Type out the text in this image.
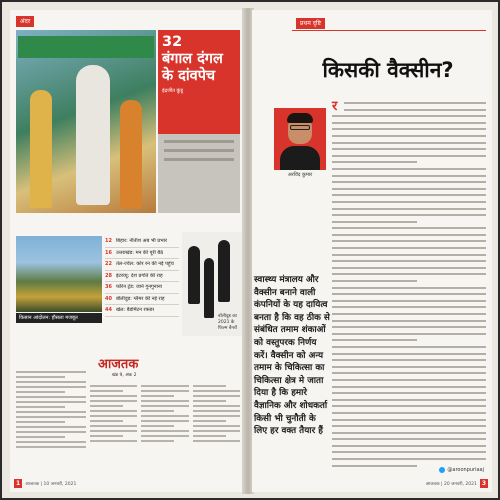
अंदर
32
बंगाल दंगल के दांवपेच
इंद्रजीत कुंडू
किसान आंदोलन: हौसला मजबूत
12 बिहार: नीतीश अब भी प्रभार
16 उत्तराखंड: मन की पूरी बैठें
22 तेल-ज्वेल: कोर रन की नई पहुंच
28 इंटरव्यू: देश प्रगति की राह
36 फॉरेन ट्रेंड: जाने गुनगुनाना
40 बॉलीवुड: ग्लैमर की नई राह
44 खेल: बैडमिंटन रफ्तार
बॉलीवुड का 2021 के फिल्म बैनरों
आजतक
खंड 9, अंक 2
1	आजतक | 10 जनवरी, 2021
प्रथम दृष्टि
किसकी वैक्सीन?
अरविंद कुमार
र
स्वास्थ्य मंत्रालय और वैक्सीन बनाने वाली कंपनियों के यह दायित्व बनता है कि वह ठीक से संबंधित तमाम शंकाओं को वस्तुपरक निर्णय करें। वैक्सीन को अन्य तमाम के चिकित्सा का चिकित्सा क्षेत्र मे जाता दिया है कि हमारे वैज्ञानिक और शोधकर्ता किसी भी चुनौती के लिए हर वक्त तैयार हैं
@aroonpuriaaj
आजतक | 20 जनवरी, 2021 3
